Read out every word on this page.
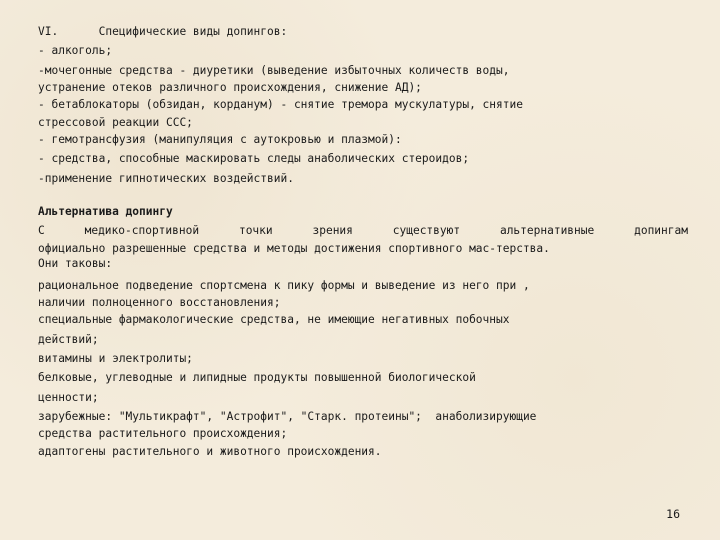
VI.      Специфические виды допингов:
- алкоголь;
-мочегонные средства - диуретики (выведение избыточных количеств воды,
устранение отеков различного происхождения, снижение АД);
- бетаблокаторы (обзидан, корданум) - снятие тремора мускулатуры, снятие
стрессовой реакции ССС;
- гемотрансфузия (манипуляция с аутокровью и плазмой):
- средства, способные маскировать следы анаболических стероидов;
-применение гипнотических воздействий.
Альтернатива допингу
С	медико-спортивной	точки	зрения	существуют	альтернативные	допингам
официально разрешенные средства и методы достижения спортивного мас-терства.
Они таковы:
рациональное подведение спортсмена к пику формы и выведение из него при ,
наличии полноценного восстановления;
специальные фармакологические средства, не имеющие негативных побочных
действий;
витамины и электролиты;
белковые, углеводные и липидные продукты повышенной биологической
ценности;
зарубежные: "Мультикрафт", "Астрофит", "Старк. протеины";  анаболизирующие
средства растительного происхождения;
адаптогены растительного и животного происхождения.
16
